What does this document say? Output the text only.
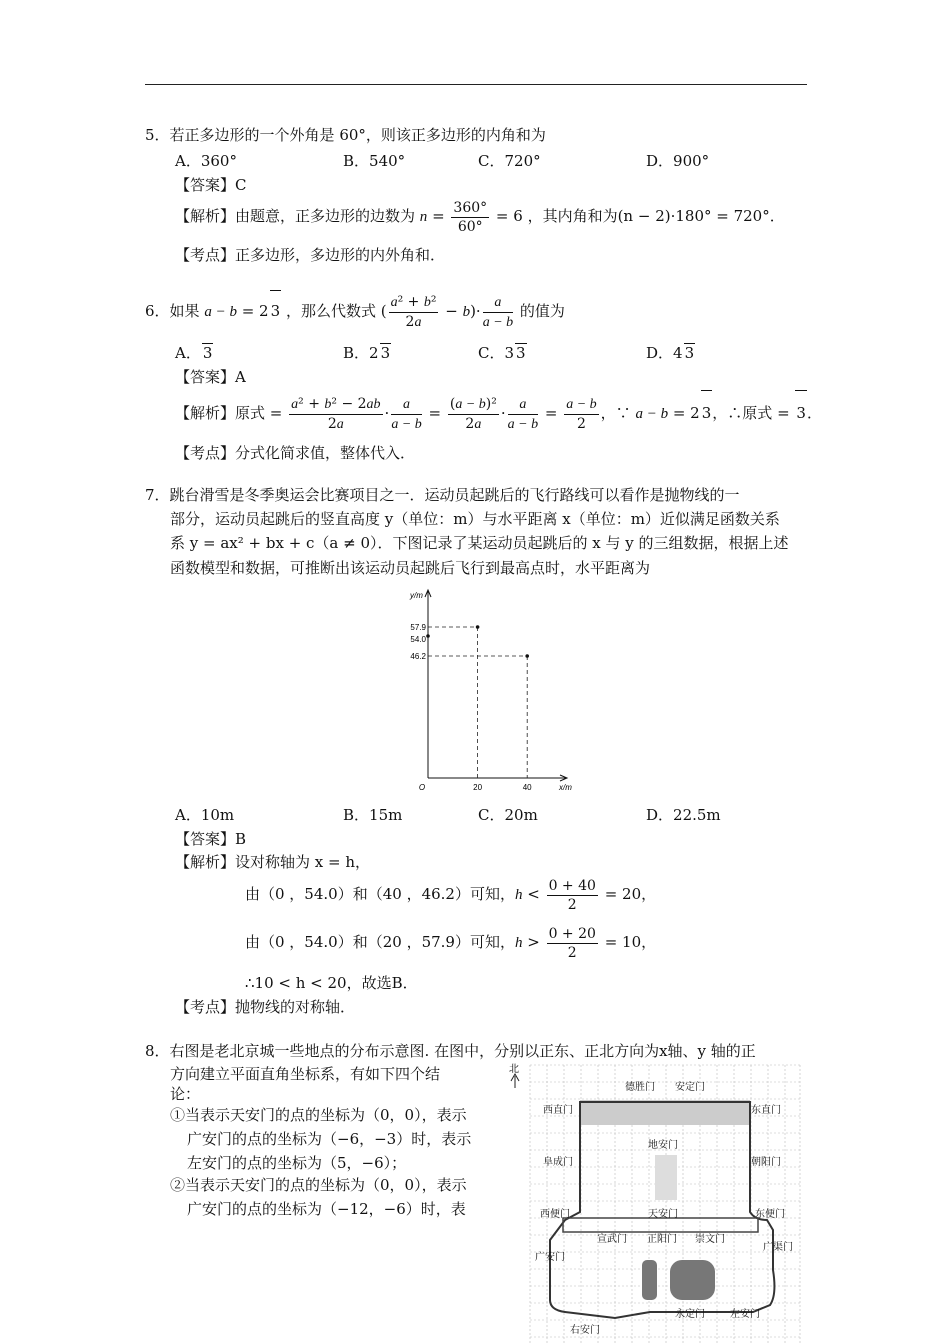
5．若正多边形的一个外角是 60°，则该正多边形的内角和为
A．360°	B．540°	C．720°	D．900°
【答案】C
【解析】由题意，正多边形的边数为 $n = \frac{360^\circ}{60^\circ} = 6$ ，其内角和为(n − 2)·180° = 720°．
【考点】正多边形，多边形的内外角和．
6．如果 a − b = 2 3 ，那么代数式 ( $\frac{\text{a² + b²}}{2a} - b)\cdot \frac{a}{a - b}$ 的值为
A． 3	B．2 3	C．3 3	D．4 3
【答案】A
【解析】原式 = $\frac{\text{a² + b² − 2ab}}{2a} \cdot \frac{a}{a - b} = \frac{\text{(a − b)²}}{2a} \cdot \frac{a}{a - b} = \frac{a - b}{2}$ ，∵ a − b = 2 3，∴原式 = 3．
【考点】分式化简求值，整体代入．
7．跳台滑雪是冬季奥运会比赛项目之一．运动员起跳后的飞行路线可以看作是抛物线的一
部分，运动员起跳后的竖直高度 y（单位：m）与水平距离 x（单位：m）近似满足函数关系
系 y = ax² + bx + c（a ≠ 0）．下图记录了某运动员起跳后的 x 与 y 的三组数据，根据上述
函数模型和数据，可推断出该运动员起跳后飞行到最高点时，水平距离为
y/m
x/m
57.9
54.0
46.2
O	20	40
A．10m	B．15m	C．20m	D．22.5m
【答案】B
【解析】设对称轴为 x = h，
由（0 ，54.0）和（40 ，46.2）可知，$h < \frac{0 + 40}{2} = 20$，
由（0 ，54.0）和（20 ，57.9）可知，$h > \frac{0 + 20}{2} = 10$，
∴10 < h < 20，故选B．
【考点】抛物线的对称轴．
8．右图是老北京城一些地点的分布示意图. 在图中，分别以正东、正北方向为x轴、y 轴的正
方向建立平面直角坐标系，有如下四个结
论：
①当表示天安门的点的坐标为（0，0），表示
广安门的点的坐标为（−6，−3）时，表示
左安门的点的坐标为（5，−6）；
②当表示天安门的点的坐标为（0，0），表示
广安门的点的坐标为（−12，−6）时，表
北
德胜门 安定门
西直门	东直门
地安门
阜成门	朝阳门
西便门	天安门	东便门
宣武门 正阳门 崇文门
广渠门
广安门
永定门	左安门
右安门
